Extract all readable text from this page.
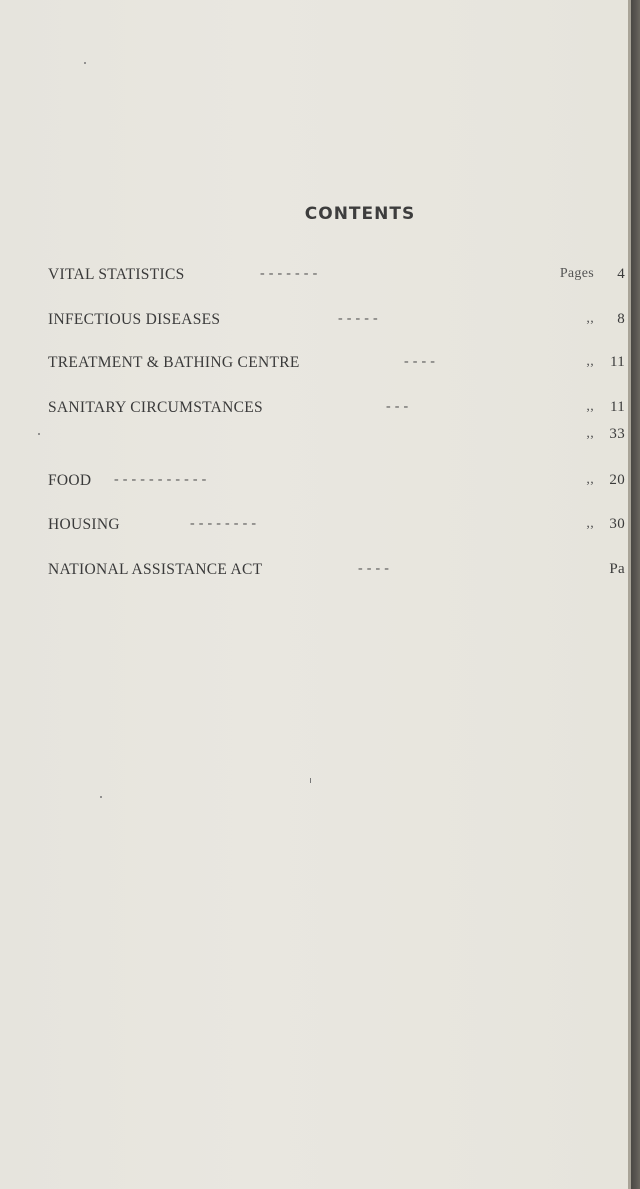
CONTENTS
VITAL STATISTICS	- - - - - - -	Pages	4
INFECTIOUS DISEASES	- - - - -	,,	8
TREATMENT & BATHING CENTRE	- - - -	,,	11
SANITARY CIRCUMSTANCES	- - -	,,	11
,,	33
FOOD - - - - - - - - - - -	,,	20
HOUSING	- - - - - - - -	,,	30
NATIONAL ASSISTANCE ACT	- - - -	Pa
